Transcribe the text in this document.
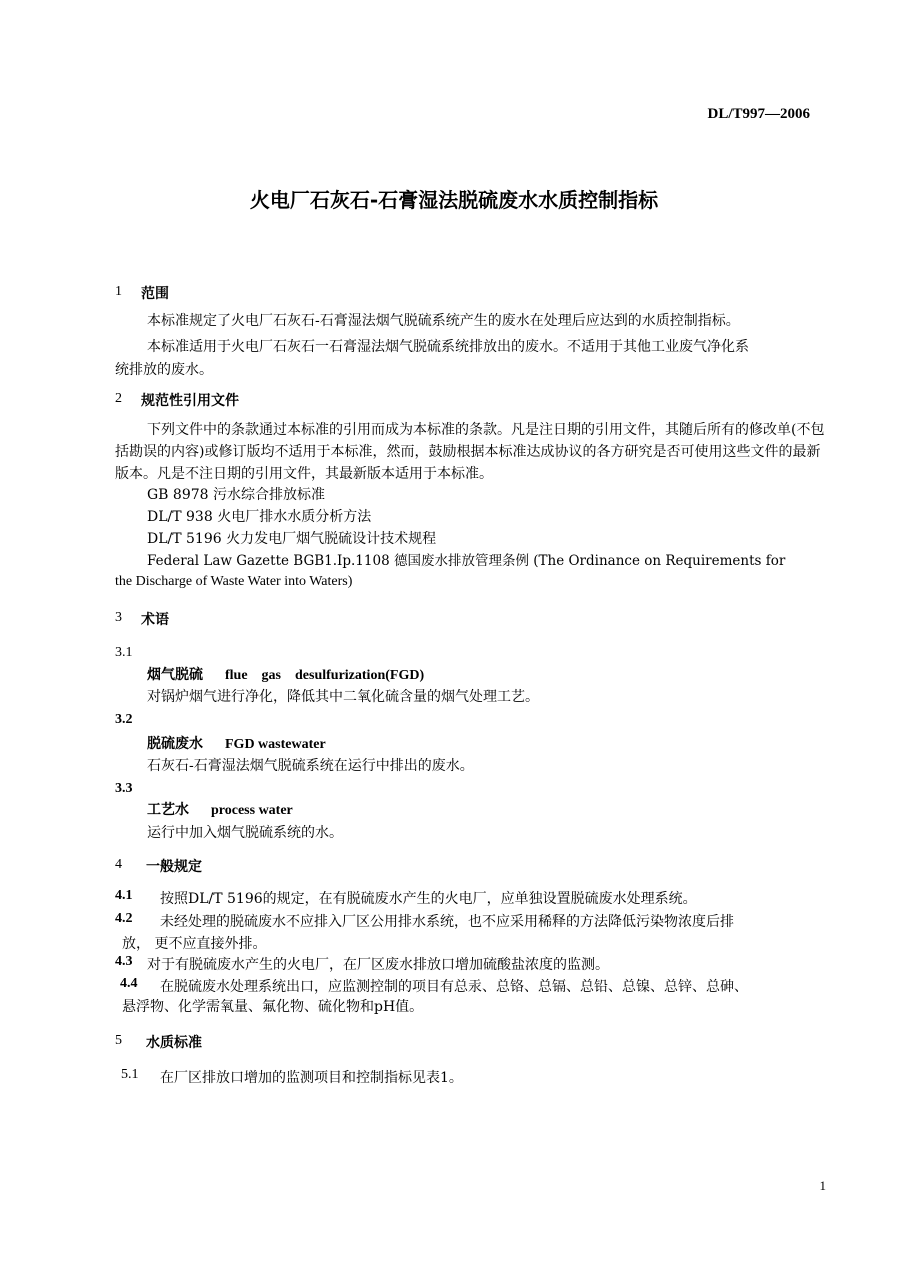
DL/T997—2006
火电厂石灰石-石膏湿法脱硫废水水质控制指标
1 范围
本标准规定了火电厂石灰石-石膏湿法烟气脱硫系统产生的废水在处理后应达到的水质控制指标。
本标准适用于火电厂石灰石一石膏湿法烟气脱硫系统排放出的废水。不适用于其他工业废气净化系
统排放的废水。
2 规范性引用文件
下列文件中的条款通过本标准的引用而成为本标准的条款。凡是注日期的引用文件，其随后所有的修改单(不包括勘误的内容)或修订版均不适用于本标准，然而，鼓励根据本标准达成协议的各方研究是否可使用这些文件的最新版本。凡是不注日期的引用文件，其最新版本适用于本标准。
GB 8978 污水综合排放标准
DL/T 938 火电厂排水水质分析方法
DL/T 5196 火力发电厂烟气脱硫设计技术规程
Federal Law Gazette BGB1.Ip.1108 德国废水排放管理条例 (The Ordinance on Requirements for
the Discharge of Waste Water into Waters)
3 术语
3.1
烟气脱硫 flue    gas    desulfurization(FGD)
对锅炉烟气进行净化，降低其中二氧化硫含量的烟气处理工艺。
3.2
脱硫废水 FGD wastewater
石灰石-石膏湿法烟气脱硫系统在运行中排出的废水。
3.3
工艺水 process water
运行中加入烟气脱硫系统的水。
4 一般规定
4.1 按照DL/T 5196的规定，在有脱硫废水产生的火电厂，应单独设置脱硫废水处理系统。
4.2 未经处理的脱硫废水不应排入厂区公用排水系统，也不应采用稀释的方法降低污染物浓度后排
放， 更不应直接外排。
4.3 对于有脱硫废水产生的火电厂，在厂区废水排放口增加硫酸盐浓度的监测。
4.4 在脱硫废水处理系统出口，应监测控制的项目有总汞、总铬、总镉、总铅、总镍、总锌、总砷、
悬浮物、化学需氧量、氟化物、硫化物和pH值。
5 水质标准
5.1 在厂区排放口增加的监测项目和控制指标见表1。
1
